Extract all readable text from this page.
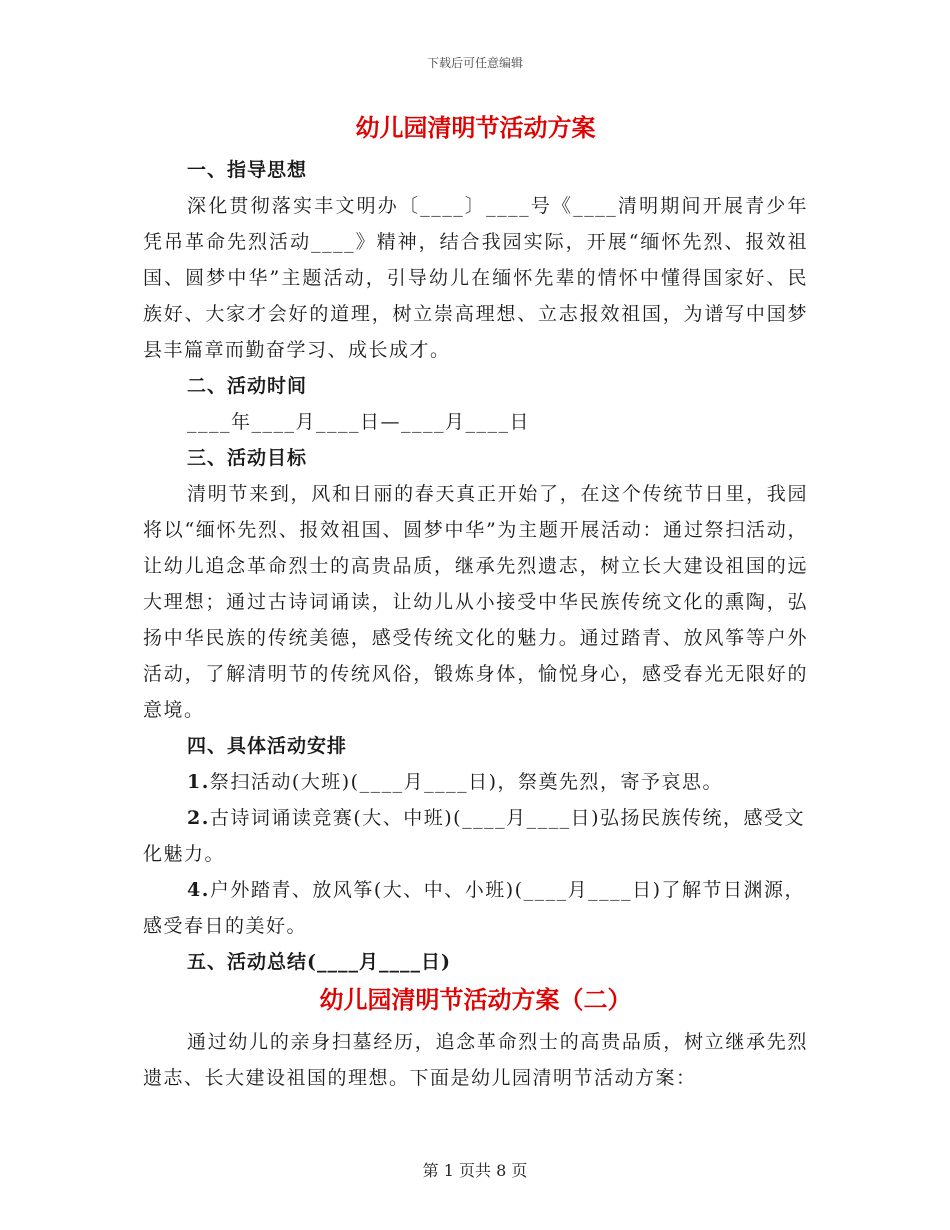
下载后可任意编辑
幼儿园清明节活动方案

一、指导思想

深化贯彻落实丰文明办〔____〕____号《____清明期间开展青少年凭吊革命先烈活动____》精神，结合我园实际，开展“缅怀先烈、报效祖国、圆梦中华”主题活动，引导幼儿在缅怀先辈的情怀中懂得国家好、民族好、大家才会好的道理，树立崇高理想、立志报效祖国，为谱写中国梦县丰篇章而勤奋学习、成长成才。

二、活动时间

____年____月____日—____月____日

三、活动目标

清明节来到，风和日丽的春天真正开始了，在这个传统节日里，我园将以“缅怀先烈、报效祖国、圆梦中华”为主题开展活动：通过祭扫活动，让幼儿追念革命烈士的高贵品质，继承先烈遗志，树立长大建设祖国的远大理想；通过古诗词诵读，让幼儿从小接受中华民族传统文化的熏陶，弘扬中华民族的传统美德，感受传统文化的魅力。通过踏青、放风筝等户外活动，了解清明节的传统风俗，锻炼身体，愉悦身心，感受春光无限好的意境。

四、具体活动安排

1.祭扫活动(大班)(____月____日)，祭奠先烈，寄予哀思。

2.古诗词诵读竞赛(大、中班)(____月____日)弘扬民族传统，感受文化魅力。

4.户外踏青、放风筝(大、中、小班)(____月____日)了解节日渊源，感受春日的美好。

五、活动总结(____月____日)

幼儿园清明节活动方案（二）

通过幼儿的亲身扫墓经历，追念革命烈士的高贵品质，树立继承先烈遗志、长大建设祖国的理想。下面是幼儿园清明节活动方案：

第 1 页共 8 页
